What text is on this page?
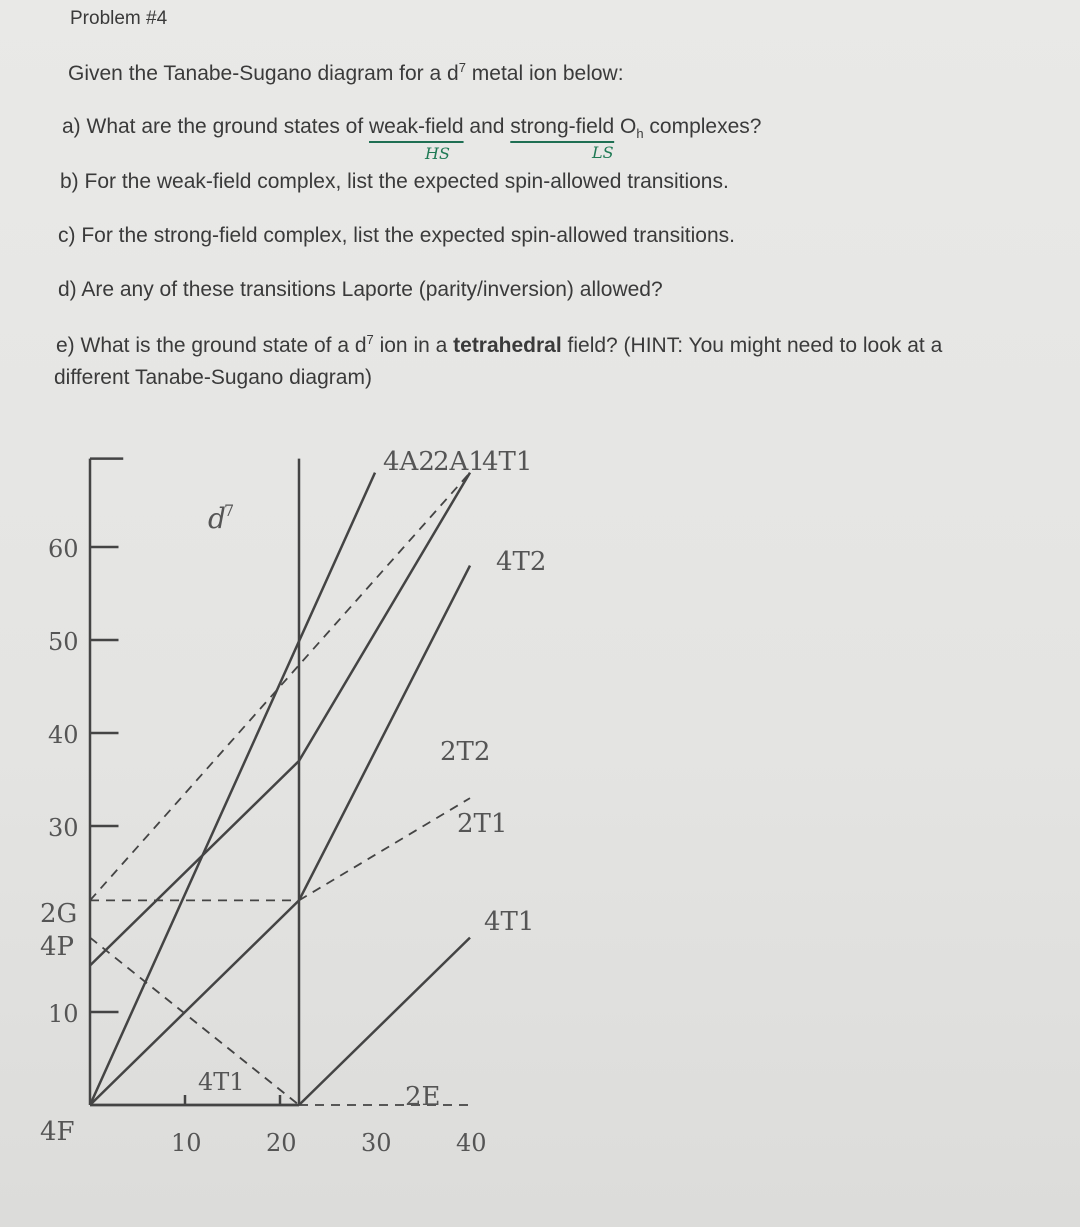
Problem #4
Given the Tanabe-Sugano diagram for a $d^7$ metal ion below:
a) What are the ground states of weak-field and strong-field $O_h$ complexes?
HS	LS
b) For the weak-field complex, list the expected spin-allowed transitions.
c) For the strong-field complex, list the expected spin-allowed transitions.
d) Are any of these transitions Laporte (parity/inversion) allowed?
e) What is the ground state of a $d^7$ ion in a tetrahedral field? (HINT: You might need to look at a
different Tanabe-Sugano diagram)
10
30
40
50
60
10	20	30	40
d
7
2G
4P
4F
4A2
2A1
4T1
4T2
2T2
2T1
4T1
4T1
2E
